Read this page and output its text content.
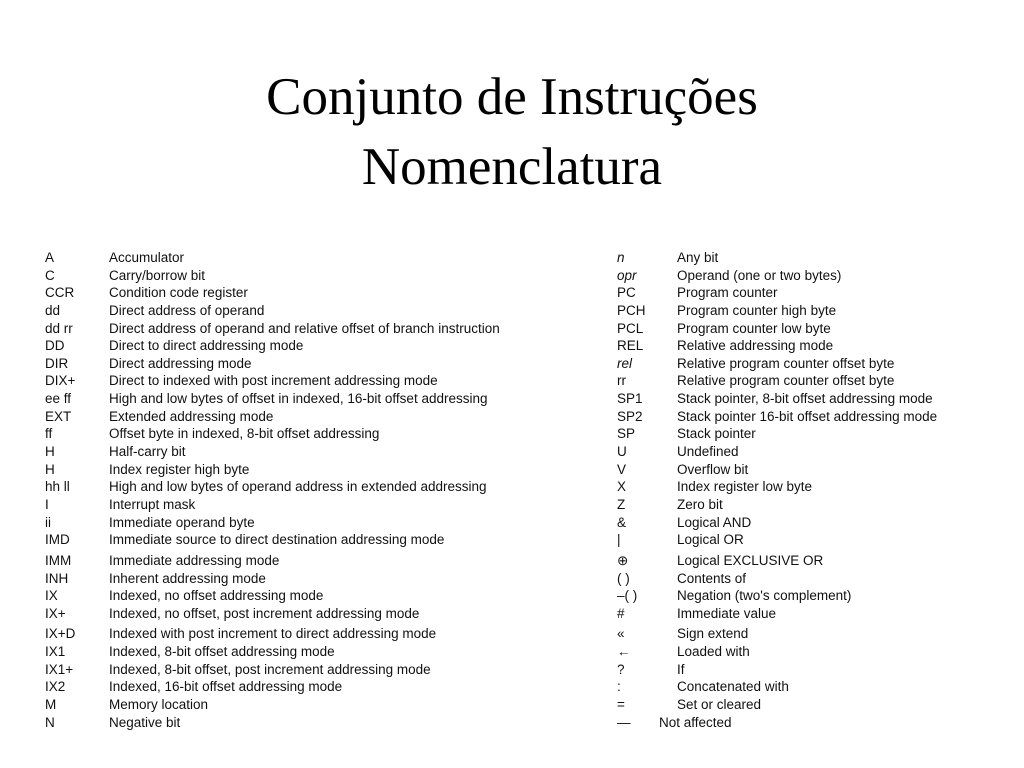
Conjunto de Instruções
Nomenclatura
A	Accumulator
C	Carry/borrow bit
CCR	Condition code register
dd	Direct address of operand
dd rr	Direct address of operand and relative offset of branch instruction
DD	Direct to direct addressing mode
DIR	Direct addressing mode
DIX+ Direct to indexed with post increment addressing mode
ee ff	High and low bytes of offset in indexed, 16-bit offset addressing
EXT	Extended addressing mode
ff	Offset byte in indexed, 8-bit offset addressing
H	Half-carry bit
H	Index register high byte
hh ll	High and low bytes of operand address in extended addressing
I	Interrupt mask
ii	Immediate operand byte
IMD	Immediate source to direct destination addressing mode
IMM	Immediate addressing mode
INH	Inherent addressing mode
IX	Indexed, no offset addressing mode
IX+	Indexed, no offset, post increment addressing mode
IX+D Indexed with post increment to direct addressing mode
IX1	Indexed, 8-bit offset addressing mode
IX1+	Indexed, 8-bit offset, post increment addressing mode
IX2	Indexed, 16-bit offset addressing mode
M	Memory location
N	Negative bit
n	Any bit
opr	Operand (one or two bytes)
PC	Program counter
PCH Program counter high byte
PCL Program counter low byte
REL Relative addressing mode
rel	Relative program counter offset byte
rr	Relative program counter offset byte
SP1	Stack pointer, 8-bit offset addressing mode
SP2	Stack pointer 16-bit offset addressing mode
SP	Stack pointer
U	Undefined
V	Overflow bit
X	Index register low byte
Z	Zero bit
&	Logical AND
|	Logical OR
⊕	Logical EXCLUSIVE OR
( )	Contents of
–( )	Negation (two's complement)
#	Immediate value
«	Sign extend
←	Loaded with
?	If
:	Concatenated with
=	Set or cleared
— Not affected
